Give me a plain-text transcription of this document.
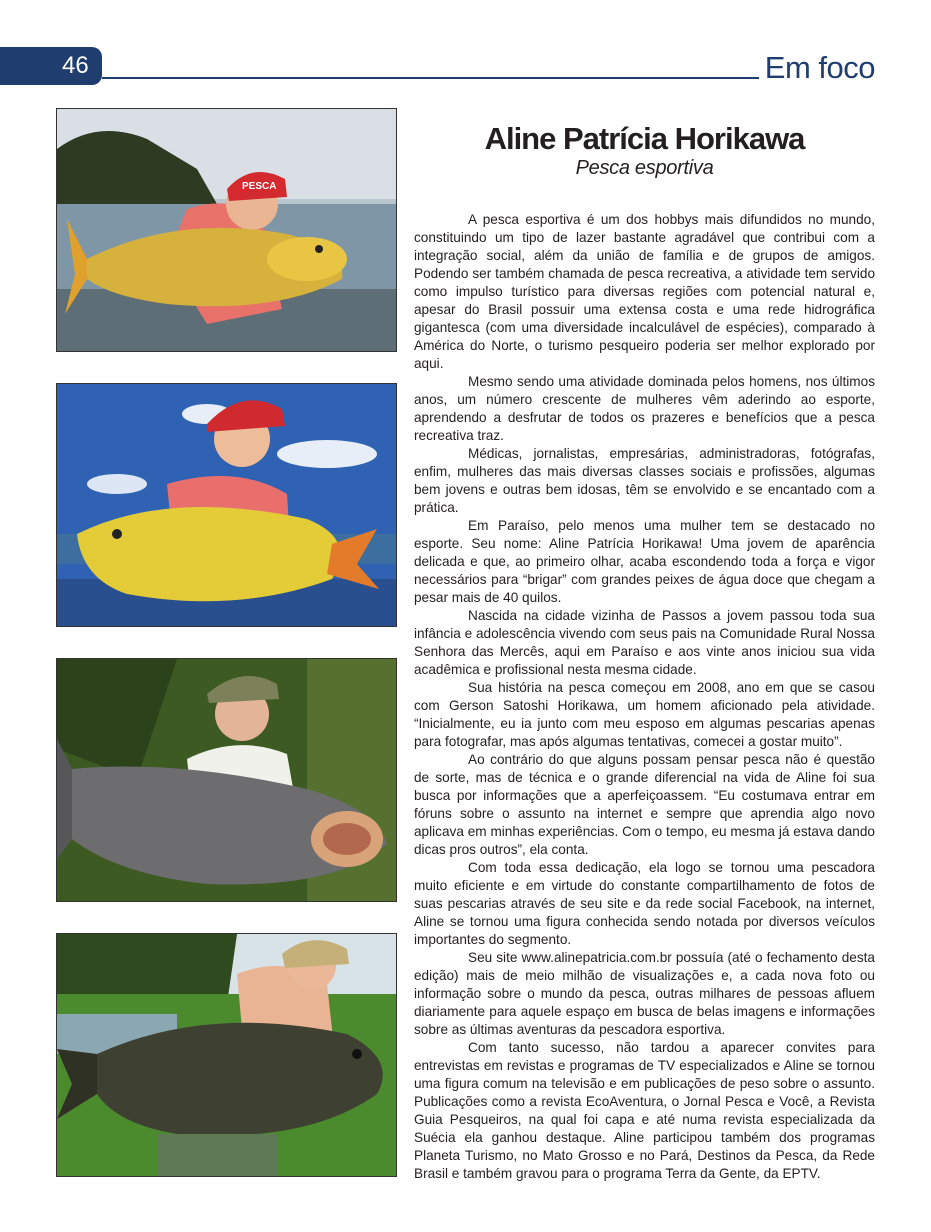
46	Em foco
PESCA
Aline Patrícia Horikawa
Pesca esportiva

A pesca esportiva é um dos hobbys mais difundidos no mundo, constituindo um tipo de lazer bastante agradável que contribui com a integração social, além da união de família e de grupos de amigos. Podendo ser também chamada de pesca recreativa, a atividade tem servido como impulso turístico para diversas regiões com potencial natural e, apesar do Brasil possuir uma extensa costa e uma rede hidrográfica gigantesca (com uma diversidade incalculável de espécies), comparado à América do Norte, o turismo pesqueiro poderia ser melhor explorado por aqui.

Mesmo sendo uma atividade dominada pelos homens, nos últimos anos, um número crescente de mulheres vêm aderindo ao esporte, aprendendo a desfrutar de todos os prazeres e benefícios que a pesca recreativa traz.

Médicas, jornalistas, empresárias, administradoras, fotógrafas, enfim, mulheres das mais diversas classes sociais e profissões, algumas bem jovens e outras bem idosas, têm se envolvido e se encantado com a prática.

Em Paraíso, pelo menos uma mulher tem se destacado no esporte. Seu nome: Aline Patrícia Horikawa! Uma jovem de aparência delicada e que, ao primeiro olhar, acaba escondendo toda a força e vigor necessários para “brigar” com grandes peixes de água doce que chegam a pesar mais de 40 quilos.

Nascida na cidade vizinha de Passos a jovem passou toda sua infância e adolescência vivendo com seus pais na Comunidade Rural Nossa Senhora das Mercês, aqui em Paraíso e aos vinte anos iniciou sua vida acadêmica e profissional nesta mesma cidade.

Sua história na pesca começou em 2008, ano em que se casou com Gerson Satoshi Horikawa, um homem aficionado pela atividade. “Inicialmente, eu ia junto com meu esposo em algumas pescarias apenas para fotografar, mas após algumas tentativas, comecei a gostar muito”.

Ao contrário do que alguns possam pensar pesca não é questão de sorte, mas de técnica e o grande diferencial na vida de Aline foi sua busca por informações que a aperfeiçoassem. “Eu costumava entrar em fóruns sobre o assunto na internet e sempre que aprendia algo novo aplicava em minhas experiências. Com o tempo, eu mesma já estava dando dicas pros outros”, ela conta.

Com toda essa dedicação, ela logo se tornou uma pescadora muito eficiente e em virtude do constante compartilhamento de fotos de suas pescarias através de seu site e da rede social Facebook, na internet, Aline se tornou uma figura conhecida sendo notada por diversos veículos importantes do segmento.

Seu site www.alinepatricia.com.br possuía (até o fechamento desta edição) mais de meio milhão de visualizações e, a cada nova foto ou informação sobre o mundo da pesca, outras milhares de pessoas afluem diariamente para aquele espaço em busca de belas imagens e informações sobre as últimas aventuras da pescadora esportiva.

Com tanto sucesso, não tardou a aparecer convites para entrevistas em revistas e programas de TV especializados e Aline se tornou uma figura comum na televisão e em publicações de peso sobre o assunto. Publicações como a revista EcoAventura, o Jornal Pesca e Você, a Revista Guia Pesqueiros, na qual foi capa e até numa revista especializada da Suécia ela ganhou destaque. Aline participou também dos programas Planeta Turismo, no Mato Grosso e no Pará, Destinos da Pesca, da Rede Brasil e também gravou para o programa Terra da Gente, da EPTV.
